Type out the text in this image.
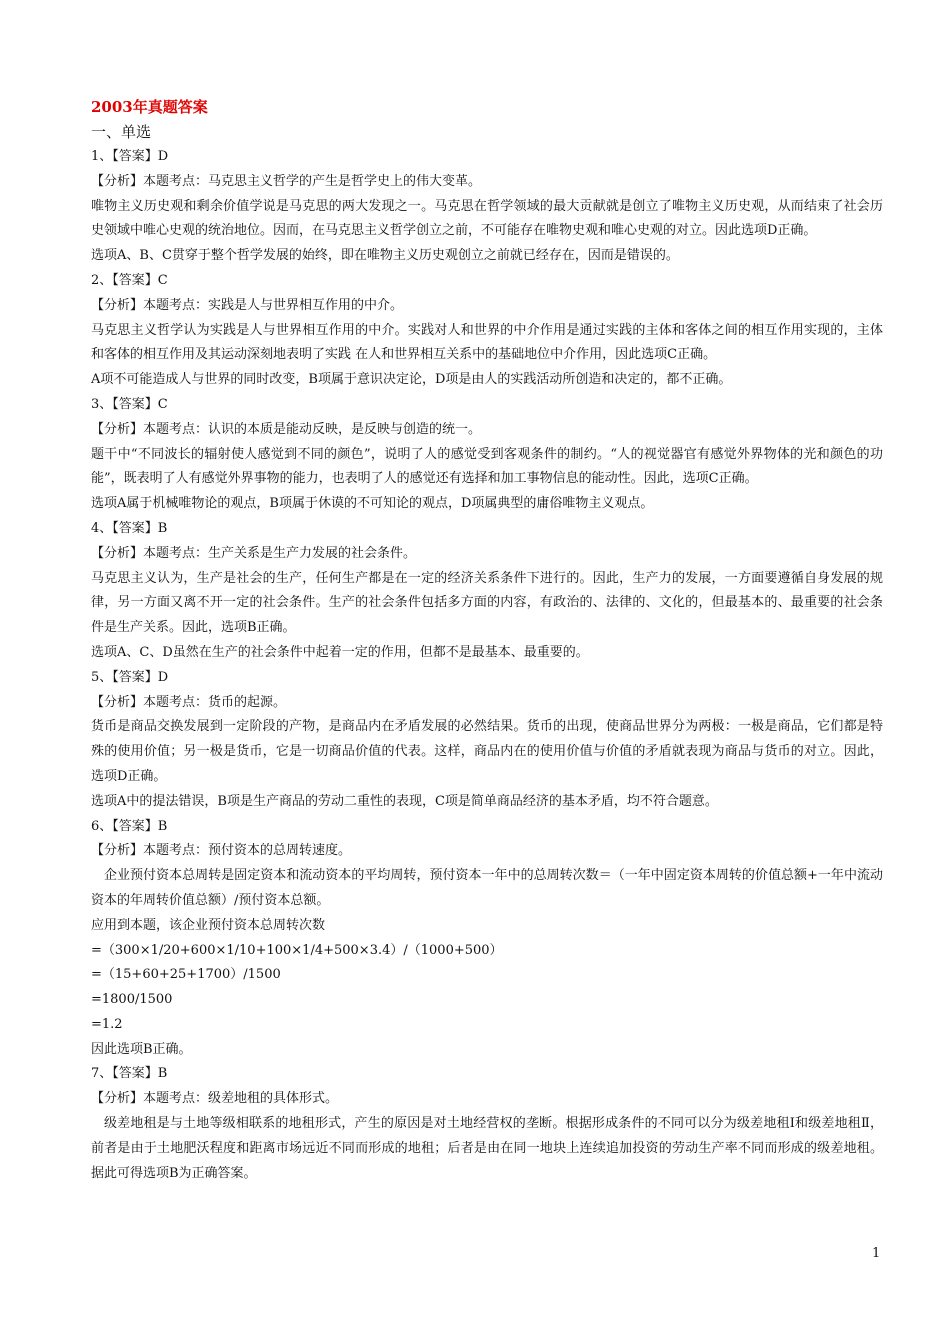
2003年真题答案
一、单选

1、【答案】D

【分析】本题考点：马克思主义哲学的产生是哲学史上的伟大变革。

唯物主义历史观和剩余价值学说是马克思的两大发现之一。马克思在哲学领域的最大贡献就是创立了唯物主义历史观，从而结束了社会历史领域中唯心史观的统治地位。因而，在马克思主义哲学创立之前，不可能存在唯物史观和唯心史观的对立。因此选项D正确。

选项A、B、C贯穿于整个哲学发展的始终，即在唯物主义历史观创立之前就已经存在，因而是错误的。

2、【答案】C

【分析】本题考点：实践是人与世界相互作用的中介。

马克思主义哲学认为实践是人与世界相互作用的中介。实践对人和世界的中介作用是通过实践的主体和客体之间的相互作用实现的，主体和客体的相互作用及其运动深刻地表明了实践 在人和世界相互关系中的基础地位中介作用，因此选项C正确。

A项不可能造成人与世界的同时改变，B项属于意识决定论，D项是由人的实践活动所创造和决定的，都不正确。

3、【答案】C

【分析】本题考点：认识的本质是能动反映，是反映与创造的统一。

题干中“不同波长的辐射使人感觉到不同的颜色”，说明了人的感觉受到客观条件的制约。“人的视觉器官有感觉外界物体的光和颜色的功能”，既表明了人有感觉外界事物的能力，也表明了人的感觉还有选择和加工事物信息的能动性。因此，选项C正确。

选项A属于机械唯物论的观点，B项属于休谟的不可知论的观点，D项属典型的庸俗唯物主义观点。

4、【答案】B

【分析】本题考点：生产关系是生产力发展的社会条件。

马克思主义认为，生产是社会的生产，任何生产都是在一定的经济关系条件下进行的。因此，生产力的发展，一方面要遵循自身发展的规律，另一方面又离不开一定的社会条件。生产的社会条件包括多方面的内容，有政治的、法律的、文化的，但最基本的、最重要的社会条件是生产关系。因此，选项B正确。

选项A、C、D虽然在生产的社会条件中起着一定的作用，但都不是最基本、最重要的。

5、【答案】D

【分析】本题考点：货币的起源。

货币是商品交换发展到一定阶段的产物，是商品内在矛盾发展的必然结果。货币的出现，使商品世界分为两极：一极是商品，它们都是特殊的使用价值；另一极是货币，它是一切商品价值的代表。这样，商品内在的使用价值与价值的矛盾就表现为商品与货币的对立。因此，选项D正确。

选项A中的提法错误，B项是生产商品的劳动二重性的表现，C项是简单商品经济的基本矛盾，均不符合题意。

6、【答案】B

【分析】本题考点：预付资本的总周转速度。

企业预付资本总周转是固定资本和流动资本的平均周转，预付资本一年中的总周转次数＝（一年中固定资本周转的价值总额+一年中流动资本的年周转价值总额）/预付资本总额。

应用到本题，该企业预付资本总周转次数

=（300×1/20+600×1/10+100×1/4+500×3.4）/（1000+500）

=（15+60+25+1700）/1500

=1800/1500

=1.2

因此选项B正确。

7、【答案】B

【分析】本题考点：级差地租的具体形式。

级差地租是与土地等级相联系的地租形式，产生的原因是对土地经营权的垄断。根据形成条件的不同可以分为级差地租Ⅰ和级差地租Ⅱ，前者是由于土地肥沃程度和距离市场远近不同而形成的地租；后者是由在同一地块上连续追加投资的劳动生产率不同而形成的级差地租。据此可得选项B为正确答案。

1
